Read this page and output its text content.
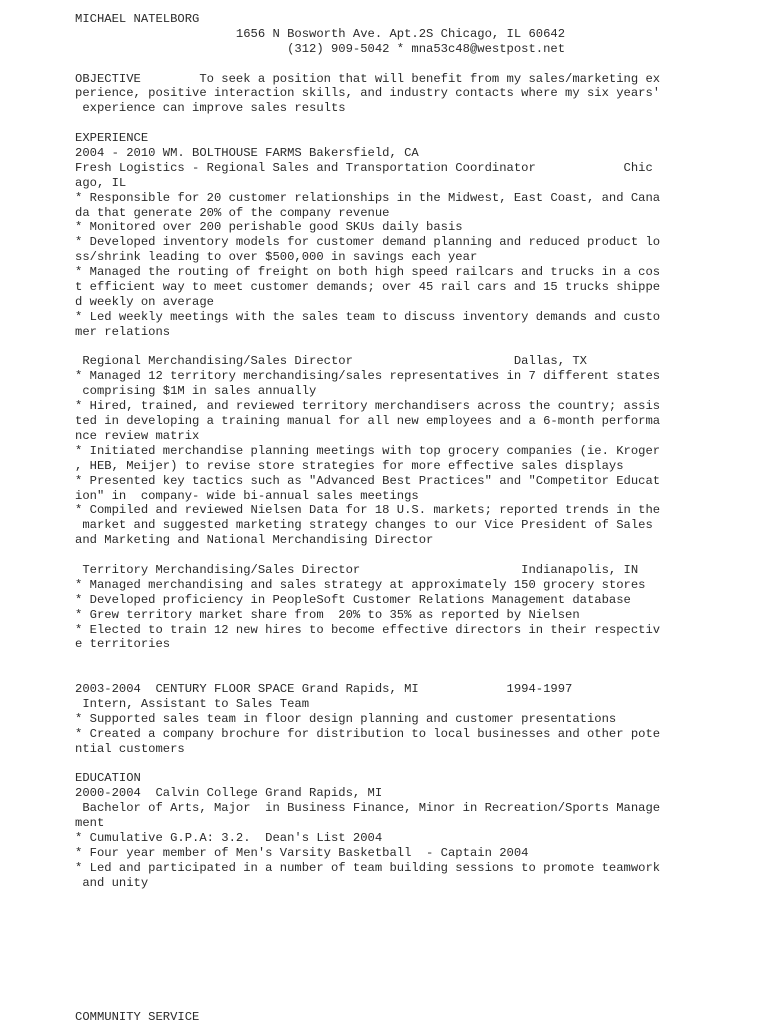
MICHAEL NATELBORG
1656 N Bosworth Ave. Apt.2S Chicago, IL 60642
(312) 909-5042 * mna53c48@westpost.net
OBJECTIVE        To seek a position that will benefit from my sales/marketing ex
perience, positive interaction skills, and industry contacts where my six years'
experience can improve sales results
EXPERIENCE
2004 - 2010 WM. BOLTHOUSE FARMS Bakersfield, CA
Fresh Logistics - Regional Sales and Transportation Coordinator            Chic
ago, IL
* Responsible for 20 customer relationships in the Midwest, East Coast, and Cana
da that generate 20% of the company revenue
* Monitored over 200 perishable good SKUs daily basis
* Developed inventory models for customer demand planning and reduced product lo
ss/shrink leading to over $500,000 in savings each year
* Managed the routing of freight on both high speed railcars and trucks in a cos
t efficient way to meet customer demands; over 45 rail cars and 15 trucks shippe
d weekly on average
* Led weekly meetings with the sales team to discuss inventory demands and custo
mer relations
Regional Merchandising/Sales Director                      Dallas, TX
* Managed 12 territory merchandising/sales representatives in 7 different states
comprising $1M in sales annually
* Hired, trained, and reviewed territory merchandisers across the country; assis
ted in developing a training manual for all new employees and a 6-month performa
nce review matrix
* Initiated merchandise planning meetings with top grocery companies (ie. Kroger
, HEB, Meijer) to revise store strategies for more effective sales displays
* Presented key tactics such as "Advanced Best Practices" and "Competitor Educat
ion" in  company- wide bi-annual sales meetings
* Compiled and reviewed Nielsen Data for 18 U.S. markets; reported trends in the
market and suggested marketing strategy changes to our Vice President of Sales
and Marketing and National Merchandising Director
Territory Merchandising/Sales Director                      Indianapolis, IN
* Managed merchandising and sales strategy at approximately 150 grocery stores
* Developed proficiency in PeopleSoft Customer Relations Management database
* Grew territory market share from  20% to 35% as reported by Nielsen
* Elected to train 12 new hires to become effective directors in their respectiv
e territories
2003-2004  CENTURY FLOOR SPACE Grand Rapids, MI            1994-1997
Intern, Assistant to Sales Team
* Supported sales team in floor design planning and customer presentations
* Created a company brochure for distribution to local businesses and other pote
ntial customers
EDUCATION
2000-2004  Calvin College Grand Rapids, MI
Bachelor of Arts, Major  in Business Finance, Minor in Recreation/Sports Manage
ment
* Cumulative G.P.A: 3.2.  Dean's List 2004
* Four year member of Men's Varsity Basketball  - Captain 2004
* Led and participated in a number of team building sessions to promote teamwork
and unity
COMMUNITY SERVICE
